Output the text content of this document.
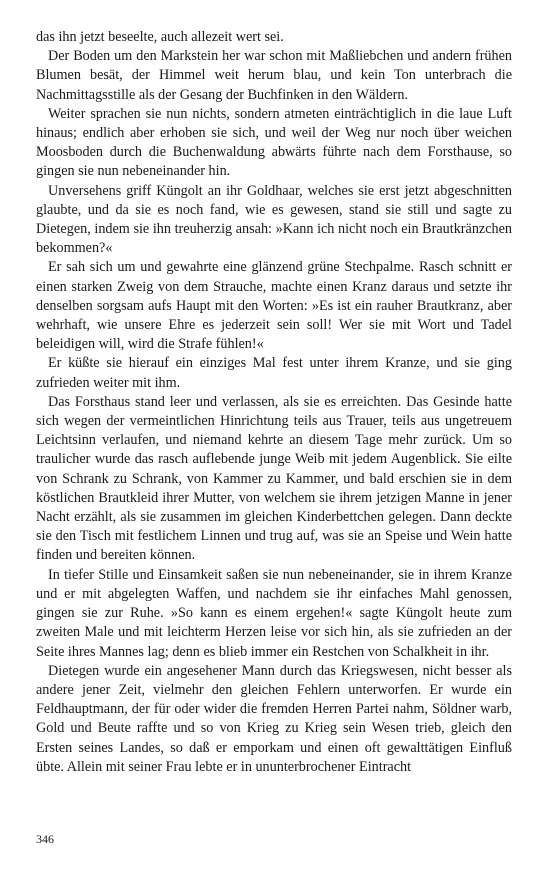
das ihn jetzt beseelte, auch allezeit wert sei.

Der Boden um den Markstein her war schon mit Maßliebchen und andern frühen Blumen besät, der Himmel weit herum blau, und kein Ton unterbrach die Nachmittagsstille als der Gesang der Buchfinken in den Wäldern.

Weiter sprachen sie nun nichts, sondern atmeten einträchtiglich in die laue Luft hinaus; endlich aber erhoben sie sich, und weil der Weg nur noch über weichen Moosboden durch die Buchenwaldung abwärts führte nach dem Forsthause, so gingen sie nun nebeneinander hin.

Unversehens griff Küngolt an ihr Goldhaar, welches sie erst jetzt abgeschnitten glaubte, und da sie es noch fand, wie es gewesen, stand sie still und sagte zu Dietegen, indem sie ihn treuherzig ansah: »Kann ich nicht noch ein Brautkränzchen bekommen?«

Er sah sich um und gewahrte eine glänzend grüne Stechpalme. Rasch schnitt er einen starken Zweig von dem Strauche, machte einen Kranz daraus und setzte ihr denselben sorgsam aufs Haupt mit den Worten: »Es ist ein rauher Brautkranz, aber wehrhaft, wie unsere Ehre es jederzeit sein soll! Wer sie mit Wort und Tadel beleidigen will, wird die Strafe fühlen!«

Er küßte sie hierauf ein einziges Mal fest unter ihrem Kranze, und sie ging zufrieden weiter mit ihm.

Das Forsthaus stand leer und verlassen, als sie es erreichten. Das Gesinde hatte sich wegen der vermeintlichen Hinrichtung teils aus Trauer, teils aus ungetreuem Leichtsinn verlaufen, und niemand kehrte an diesem Tage mehr zurück. Um so traulicher wurde das rasch auflebende junge Weib mit jedem Augenblick. Sie eilte von Schrank zu Schrank, von Kammer zu Kammer, und bald erschien sie in dem köstlichen Brautkleid ihrer Mutter, von welchem sie ihrem jetzigen Manne in jener Nacht erzählt, als sie zusammen im gleichen Kinderbettchen gelegen. Dann deckte sie den Tisch mit festlichem Linnen und trug auf, was sie an Speise und Wein hatte finden und bereiten können.

In tiefer Stille und Einsamkeit saßen sie nun nebeneinander, sie in ihrem Kranze und er mit abgelegten Waffen, und nachdem sie ihr einfaches Mahl genossen, gingen sie zur Ruhe. »So kann es einem ergehen!« sagte Küngolt heute zum zweiten Male und mit leichterm Herzen leise vor sich hin, als sie zufrieden an der Seite ihres Mannes lag; denn es blieb immer ein Restchen von Schalkheit in ihr.

Dietegen wurde ein angesehener Mann durch das Kriegswesen, nicht besser als andere jener Zeit, vielmehr den gleichen Fehlern unterworfen. Er wurde ein Feldhauptmann, der für oder wider die fremden Herren Partei nahm, Söldner warb, Gold und Beute raffte und so von Krieg zu Krieg sein Wesen trieb, gleich den Ersten seines Landes, so daß er emporkam und einen oft gewalttätigen Einfluß übte. Allein mit seiner Frau lebte er in ununterbrochener Eintracht

346
